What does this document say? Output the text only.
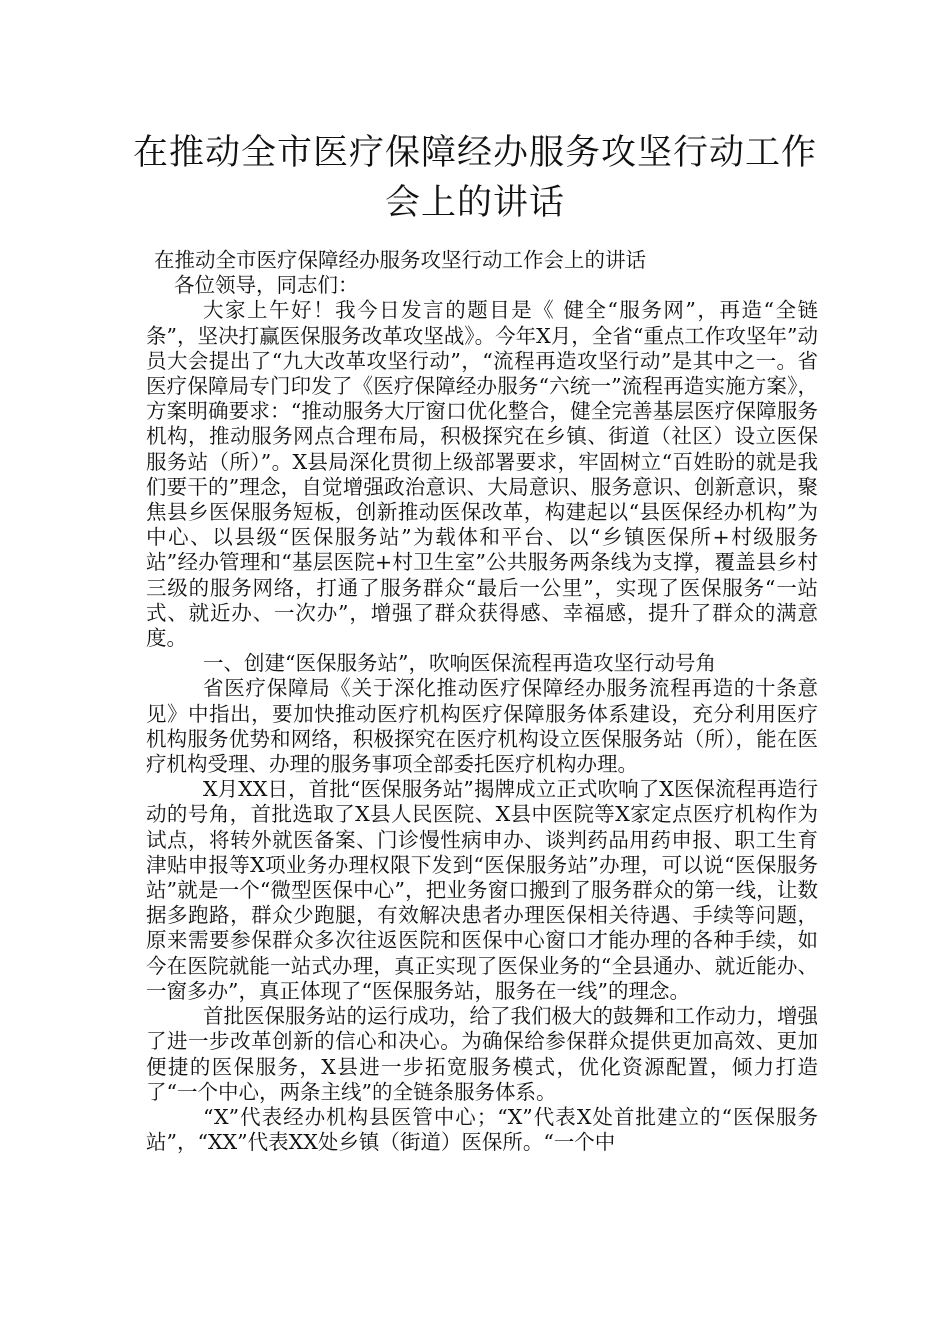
在推动全市医疗保障经办服务攻坚行动工作会上的讲话

在推动全市医疗保障经办服务攻坚行动工作会上的讲话

各位领导，同志们：

大家上午好！我今日发言的题目是《 健全“服务网”，再造“全链条”，坚决打赢医保服务改革攻坚战》。今年X月，全省“重点工作攻坚年”动员大会提出了“九大改革攻坚行动”，“流程再造攻坚行动”是其中之一。省医疗保障局专门印发了《医疗保障经办服务“六统一”流程再造实施方案》，方案明确要求：“推动服务大厅窗口优化整合，健全完善基层医疗保障服务机构，推动服务网点合理布局，积极探究在乡镇、街道（社区）设立医保服务站（所）”。X县局深化贯彻上级部署要求，牢固树立“百姓盼的就是我们要干的”理念，自觉增强政治意识、大局意识、服务意识、创新意识，聚焦县乡医保服务短板，创新推动医保改革，构建起以“县医保经办机构”为中心、以县级“医保服务站”为载体和平台、以“乡镇医保所+村级服务站”经办管理和“基层医院+村卫生室”公共服务两条线为支撑，覆盖县乡村三级的服务网络，打通了服务群众“最后一公里”，实现了医保服务“一站式、就近办、一次办”，增强了群众获得感、幸福感，提升了群众的满意度。

一、创建“医保服务站”，吹响医保流程再造攻坚行动号角

省医疗保障局《关于深化推动医疗保障经办服务流程再造的十条意见》中指出，要加快推动医疗机构医疗保障服务体系建设，充分利用医疗机构服务优势和网络，积极探究在医疗机构设立医保服务站（所），能在医疗机构受理、办理的服务事项全部委托医疗机构办理。

X月XX日，首批“医保服务站”揭牌成立正式吹响了X医保流程再造行动的号角，首批选取了X县人民医院、X县中医院等X家定点医疗机构作为试点，将转外就医备案、门诊慢性病申办、谈判药品用药申报、职工生育津贴申报等X项业务办理权限下发到“医保服务站”办理，可以说“医保服务站”就是一个“微型医保中心”，把业务窗口搬到了服务群众的第一线，让数据多跑路，群众少跑腿，有效解决患者办理医保相关待遇、手续等问题，原来需要参保群众多次往返医院和医保中心窗口才能办理的各种手续，如今在医院就能一站式办理，真正实现了医保业务的“全县通办、就近能办、一窗多办”，真正体现了“医保服务站，服务在一线”的理念。

首批医保服务站的运行成功，给了我们极大的鼓舞和工作动力，增强了进一步改革创新的信心和决心。为确保给参保群众提供更加高效、更加便捷的医保服务，X县进一步拓宽服务模式，优化资源配置，倾力打造了“一个中心，两条主线”的全链条服务体系。

“X”代表经办机构县医管中心；“X”代表X处首批建立的“医保服务站”，“XX”代表XX处乡镇（街道）医保所。“一个中
